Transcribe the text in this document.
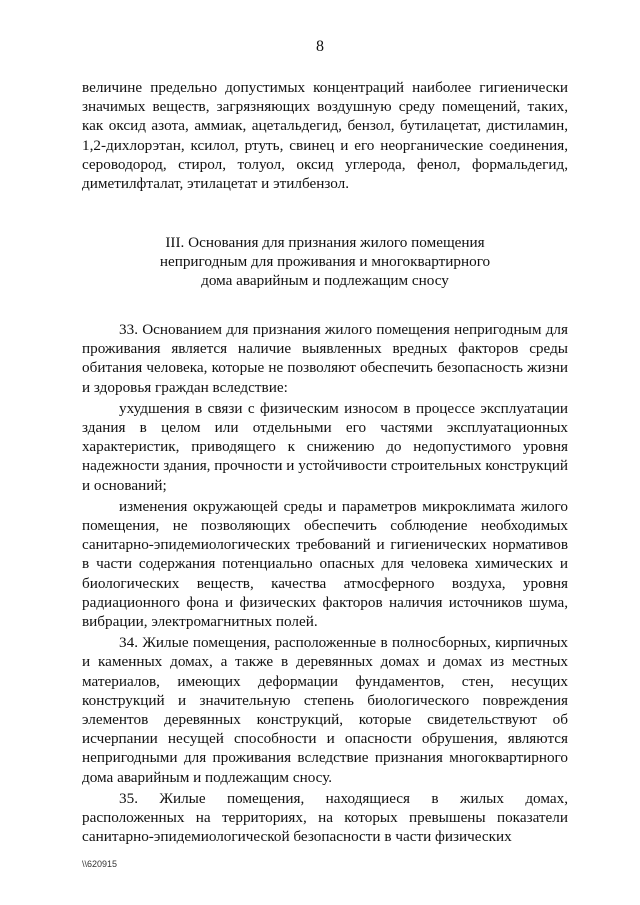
8
величине предельно допустимых концентраций наиболее гигиенически значимых веществ, загрязняющих воздушную среду помещений, таких, как оксид азота, аммиак, ацетальдегид, бензол, бутилацетат, дистиламин, 1,2-дихлорэтан, ксилол, ртуть, свинец и его неорганические соединения, сероводород, стирол, толуол, оксид углерода, фенол, формальдегид, диметилфталат, этилацетат и этилбензол.
III. Основания для признания жилого помещения
непригодным для проживания и многоквартирного
дома аварийным и подлежащим сносу

33. Основанием для признания жилого помещения непригодным для проживания является наличие выявленных вредных факторов среды обитания человека, которые не позволяют обеспечить безопасность жизни и здоровья граждан вследствие:

ухудшения в связи с физическим износом в процессе эксплуатации здания в целом или отдельными его частями эксплуатационных характеристик, приводящего к снижению до недопустимого уровня надежности здания, прочности и устойчивости строительных конструкций и оснований;

изменения окружающей среды и параметров микроклимата жилого помещения, не позволяющих обеспечить соблюдение необходимых санитарно-эпидемиологических требований и гигиенических нормативов в части содержания потенциально опасных для человека химических и биологических веществ, качества атмосферного воздуха, уровня радиационного фона и физических факторов наличия источников шума, вибрации, электромагнитных полей.

34. Жилые помещения, расположенные в полносборных, кирпичных и каменных домах, а также в деревянных домах и домах из местных материалов, имеющих деформации фундаментов, стен, несущих конструкций и значительную степень биологического повреждения элементов деревянных конструкций, которые свидетельствуют об исчерпании несущей способности и опасности обрушения, являются непригодными для проживания вследствие признания многоквартирного дома аварийным и подлежащим сносу.

35. Жилые помещения, находящиеся в жилых домах, расположенных на территориях, на которых превышены показатели санитарно-эпидемиологической безопасности в части физических

\\620915
